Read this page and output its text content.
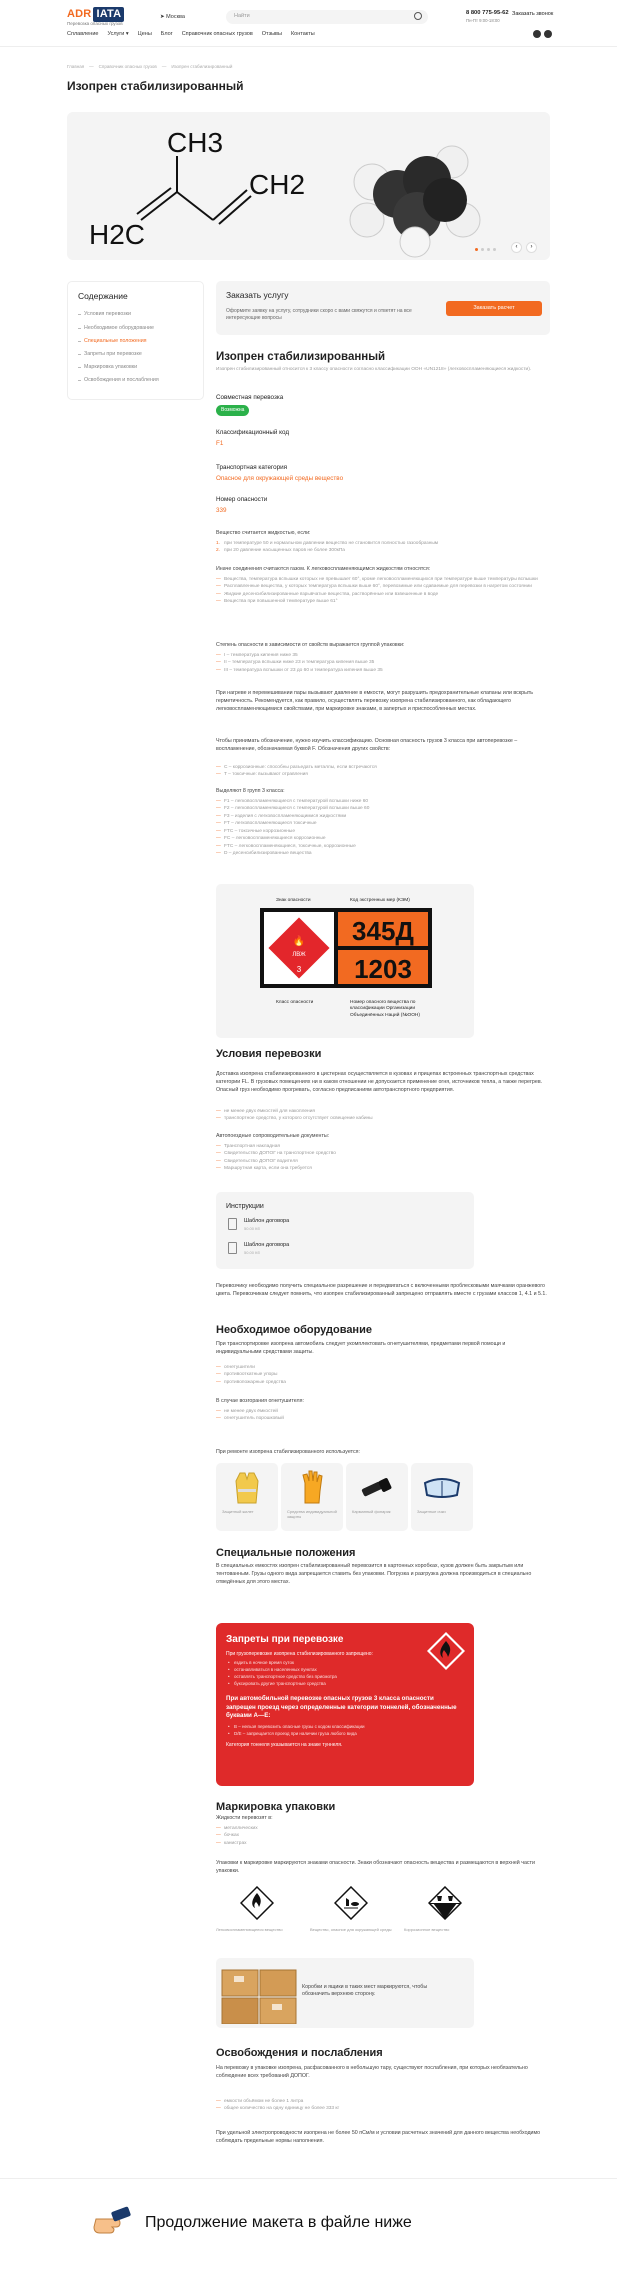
ADR IATA
Перевозка опасных грузов
➤ Москва	Найти	8 800 775-95-62
Пн-Пт 9:00-18:00
Заказать звонок
Сплавление Услуги ▾ Цены Блог Справочник опасных грузов Отзывы Контакты
Главная — Справочник опасных грузов — Изопрен стабилизированный
Изопрен стабилизированный
CH3
H2C
CH2
‹	›
Содержание
Условия перевозки
Необходимое оборудование
Специальные положения
Запреты при перевозке
Маркировка упаковки
Освобождения и послабления
Заказать услугу

Оформите заявку на услугу, сотрудники скоро с вами свяжутся и ответят на все интересующие вопросы

Заказать расчет
Изопрен стабилизированный
Изопрен стабилизированный относится к 3 классу опасности согласно классификации ООН «UN1218» (легковоспламеняющиеся жидкости).
Совместная перевозка
Возможна
Классификационный код
F1
Транспортная категория
Опасное для окружающей среды вещество
Номер опасности
339
Вещество считается жидкостью, если:
1. при температуре 50 и нормальном давлении вещество не становится полностью газообразным
2. при 20 давление насыщенных паров не более 300кПа
Иначе соединения считаются газом. К легковоспламеняющимся жидкостям относятся:
— Вещества, температура вспышки которых не превышает 60°, кроме легковоспламеняющихся при температуре выше температуры вспышки
— Расплавленные вещества, у которых температура вспышки выше 60°, перевозимые или сдаваемые для перевозки в нагретом состоянии
— Жидкие десенсибилизированные взрывчатые вещества, растворённые или взвешенные в воде
— Вещества при повышенной температуре выше 61°
Степень опасности в зависимости от свойств выражается группой упаковки:
— I – температура кипения ниже 35
— II – температура вспышки ниже 23 и температура кипения выше 35
— III – температура вспышки от 23 до 60 и температура кипения выше 35
При нагреве и перемешивании пары вызывают давление в емкости, могут разрушить предохранительные клапаны или вскрыть герметичность. Рекомендуется, как правило, осуществлять перевозку изопрена стабилизированного, как обладающего легковоспламеняющимися свойствами, при маркировке знаками, в запертых и приспособленных местах.
Чтобы принимать обозначение, нужно изучить классификацию. Основная опасность грузов 3 класса при автоперевозке – воспламенение, обозначаемая буквой F. Обозначения других свойств:
— C – коррозионные: способны разъедать металлы, если встречаются
— T – токсичные: вызывают отравления
Выделяют 8 групп 3 класса:
— F1 – легковоспламеняющиеся с температурой вспышки ниже 60
— F2 – легковоспламеняющиеся с температурой вспышки выше 60
— F3 – изделия с легковоспламеняющимися жидкостями
— FT – легковоспламеняющиеся токсичные
— FTC – токсичные коррозионные
— FC – легковоспламеняющиеся коррозионные
— FTC – легковоспламеняющиеся, токсичные, коррозионные
— D – десенсибилизированные вещества
Знак опасности	Код экстренных мер (КЭМ)
🔥
ЛВЖ
3
345Д
1203
Класс опасности	Номер опасного вещества по классификации Организации Объединённых Наций (№ООН)
Условия перевозки
Доставка изопрена стабилизированного в цистернах осуществляется в кузовах и прицепах встроенных транспортных средствах категории FL. В грузовых помещениях ни в каком отношении не допускается применение огня, источников тепла, а также перегрев. Опасный груз необходимо прогревать, согласно предписаниям автотранспортного предприятия.
— не менее двух ёмкостей для накопления
— транспортное средство, у которого отсутствует освещение кабины
Автопоездные сопроводительные документы:
— Транспортная накладная
— Свидетельство ДОПОГ на транспортное средство
— Свидетельство ДОПОГ водителя
— Маршрутная карта, если она требуется
Инструкции
Шаблон договора
50.00 Кб
Шаблон договора
50.00 Кб
Перевозчику необходимо получить специальное разрешение и передвигаться с включенными проблесковыми маячками оранжевого цвета. Перевозчикам следует помнить, что изопрен стабилизированный запрещено отправлять вместе с грузами классов 1, 4.1 и 5.1.
Необходимое оборудование
При транспортировке изопрена автомобиль следует укомплектовать огнетушителями, предметами первой помощи и индивидуальными средствами защиты.
— огнетушители
— противооткатные упоры
— противопожарные средства
В случае возгорания огнетушителя:
— не менее двух ёмкостей
— огнетушитель порошковый
При ремонте изопрена стабилизированного используется:
Защитный жилет	Средства индивидуальной защиты
Карманный фонарик	Защитные очки
Специальные положения
В специальных емкостях изопрен стабилизированный перевозится в картонных коробках, кузов должен быть закрытым или тентованным. Грузы одного вида запрещается ставить без упаковки. Погрузка и разгрузка должна производиться в специально отведённых для этого местах.
Запреты при перевозке
При грузоперевозке изопрена стабилизированного запрещено:
• ездить в ночное время суток
• останавливаться в населенных пунктах
• оставлять транспортное средство без присмотра
• буксировать другие транспортные средства
При автомобильной перевозке опасных грузов 3 класса опасности запрещен проезд через определенные категории тоннелей, обозначенные буквами A—E:
• B – нельзя перевозить опасные грузы с кодом классификации
• D/E – запрещается проезд при наличии груза любого вида
Категория тоннеля указывается на знаке туннеля.
Маркировка упаковки
Жидкости перевозят в:
— металлических
— бочках
— канистрах
Упаковки к маркировке маркируются знаками опасности. Знаки обозначают опасность вещества и размещаются в верхней части упаковки.
Легковоспламеняющееся вещество	Вещество, опасное для окружающей среды	Коррозионное вещество
Коробки и ящики в таких мест маркируются, чтобы обозначить верхнюю сторону.
Освобождения и послабления
На перевозку в упаковке изопрена, расфасованного в небольшую тару, существуют послабления, при которых необязательно соблюдение всех требований ДОПОГ.
— емкости объёмом не более 1 литра
— общее количество на одну единицу не более 333 кг
При удельной электропроводности изопрена не более 50 пСм/м и условии расчетных значений для данного вещества необходимо соблюдать предельные нормы наполнения.
Продолжение макета в файле ниже
